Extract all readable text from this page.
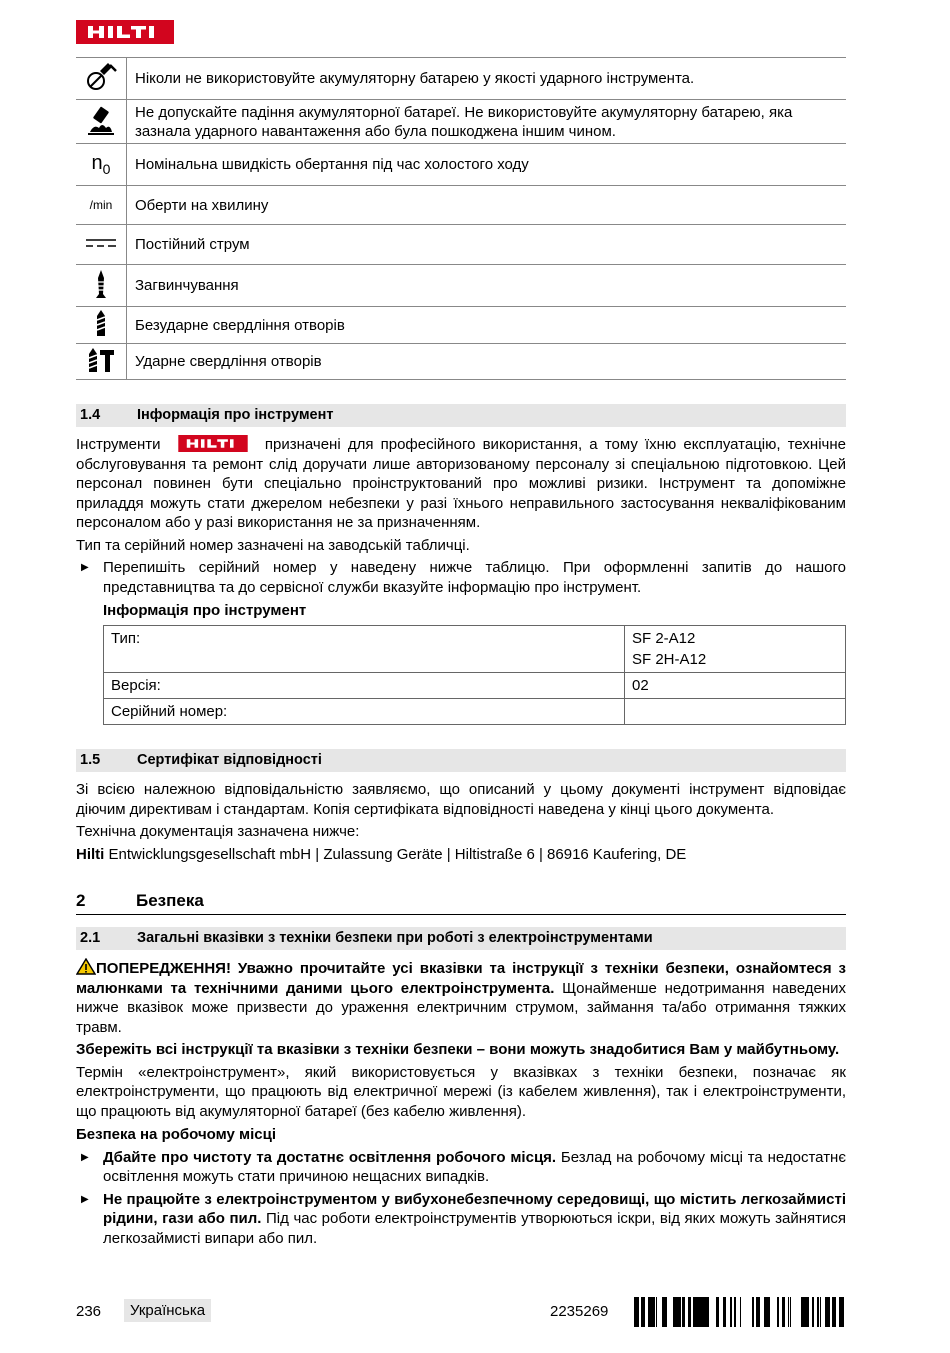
	Ніколи не використовуйте акумуляторну батарею у якості ударного інструмента.
	Не допускайте падіння акумуляторної батареї. Не використовуйте акумуляторну батарею, яка зазнала ударного навантаження або була пошкоджена іншим чином.
$n_0$	Номінальна швидкість обертання під час холостого ходу
/min	Оберти на хвилину
	Постійний струм
	Загвинчування
	Безударне свердління отворів
	Ударне свердління отворів
1.4	Інформація про інструмент

Інструменти	призначені для професійного використання, а тому їхню експлуатацію, технічне обслуговування та ремонт слід доручати лише авторизованому персоналу зі спеціальною підготовкою. Цей персонал повинен бути спеціально проінструктований про можливі ризики. Інструмент та допоміжне приладдя можуть стати джерелом небезпеки у разі їхнього неправильного застосування некваліфікованим персоналом або у разі використання не за призначенням.

Тип та серійний номер зазначені на заводській табличці.

▶ Перепишіть серійний номер у наведену нижче таблицю. При оформленні запитів до нашого представництва та до сервісної служби вказуйте інформацію про інструмент.
Інформація про інструмент
Тип:	SF 2-A12
SF 2H-A12

Версія:	02
Серійний номер:	
1.5	Сертифікат відповідності

Зі всією належною відповідальністю заявляємо, що описаний у цьому документі інструмент відповідає діючим директивам і стандартам. Копія сертифіката відповідності наведена у кінці цього документа.

Технічна документація зазначена нижче:

Hilti Entwicklungsgesellschaft mbH | Zulassung Geräte | Hiltistraße 6 | 86916 Kaufering, DE

2	Безпека
2.1	Загальні вказівки з техніки безпеки при роботі з електроінструментами

ПОПЕРЕДЖЕННЯ! Уважно прочитайте усі вказівки та інструкції з техніки безпеки, ознайомтеся з малюнками та технічними даними цього електроінструмента. Щонайменше недотримання наведених нижче вказівок може призвести до ураження електричним струмом, займання та/або отримання тяжких травм.

Збережіть всі інструкції та вказівки з техніки безпеки – вони можуть знадобитися Вам у майбутньому.

Термін «електроінструмент», який використовується у вказівках з техніки безпеки, позначає як електроінструменти, що працюють від електричної мережі (із кабелем живлення), так і електроінструменти, що працюють від акумуляторної батареї (без кабелю живлення).

Безпека на робочому місці

▶ Дбайте про чистоту та достатнє освітлення робочого місця. Безлад на робочому місці та недостатнє освітлення можуть стати причиною нещасних випадків.
▶ Не працюйте з електроінструментом у вибухонебезпечному середовищі, що містить легкозаймисті рідини, гази або пил. Під час роботи електроінструментів утворюються іскри, від яких можуть зайнятися легкозаймисті випари або пил.
236	Українська	2235269
